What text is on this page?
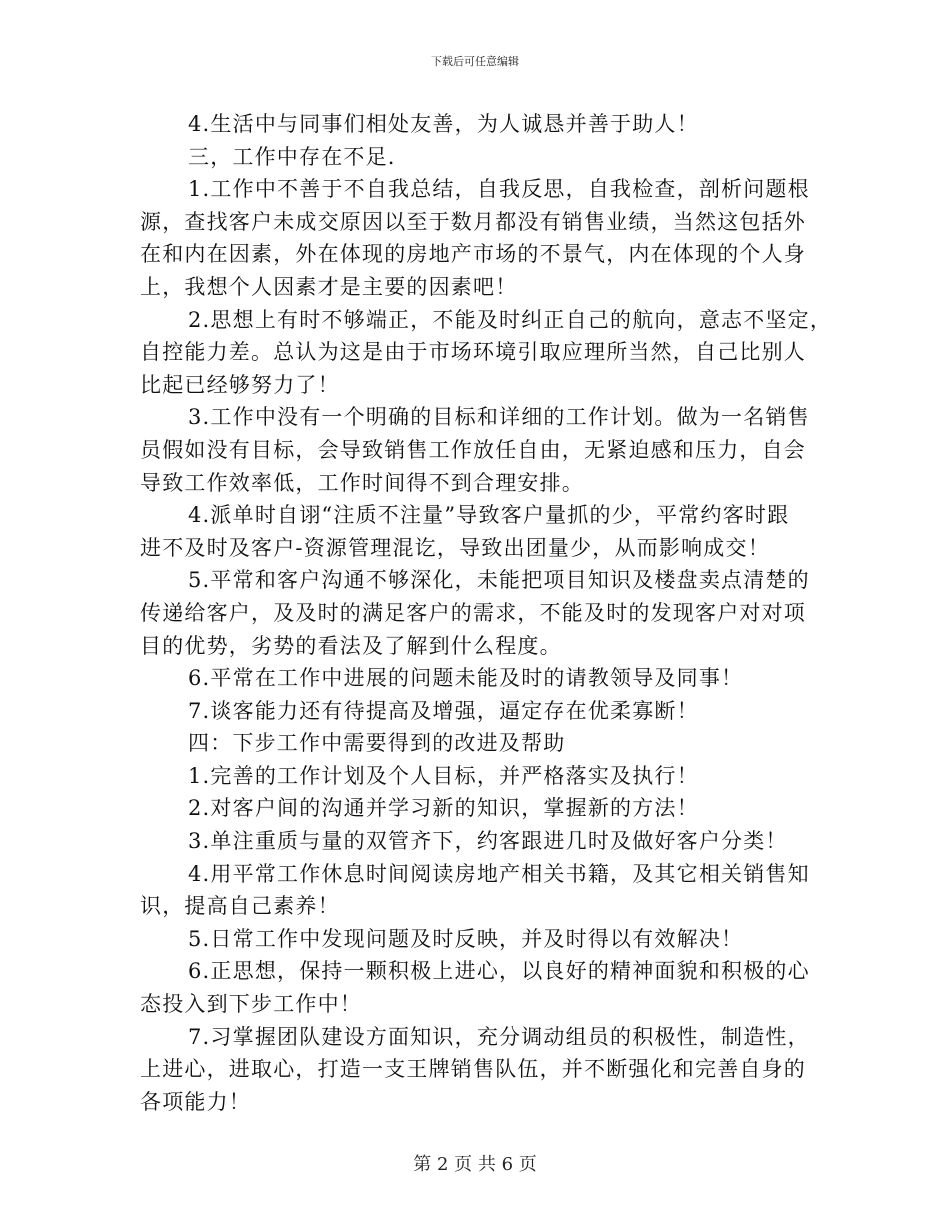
下载后可任意编辑
4.生活中与同事们相处友善，为人诚恳并善于助人！
三，工作中存在不足.
1.工作中不善于不自我总结，自我反思，自我检查，剖析问题根
源，查找客户未成交原因以至于数月都没有销售业绩，当然这包括外
在和内在因素，外在体现的房地产市场的不景气，内在体现的个人身
上，我想个人因素才是主要的因素吧！
2.思想上有时不够端正，不能及时纠正自己的航向，意志不坚定，
自控能力差。总认为这是由于市场环境引取应理所当然，自己比别人
比起已经够努力了！
3.工作中没有一个明确的目标和详细的工作计划。做为一名销售
员假如没有目标，会导致销售工作放任自由，无紧迫感和压力，自会
导致工作效率低，工作时间得不到合理安排。
4.派单时自诩“注质不注量”导致客户量抓的少，平常约客时跟
进不及时及客户-资源管理混讫，导致出团量少，从而影响成交！
5.平常和客户沟通不够深化，未能把项目知识及楼盘卖点清楚的
传递给客户，及及时的满足客户的需求，不能及时的发现客户对对项
目的优势，劣势的看法及了解到什么程度。
6.平常在工作中进展的问题未能及时的请教领导及同事！
7.谈客能力还有待提高及增强，逼定存在优柔寡断！
四：下步工作中需要得到的改进及帮助
1.完善的工作计划及个人目标，并严格落实及执行！
2.对客户间的沟通并学习新的知识，掌握新的方法！
3.单注重质与量的双管齐下，约客跟进几时及做好客户分类！
4.用平常工作休息时间阅读房地产相关书籍，及其它相关销售知
识，提高自己素养！
5.日常工作中发现问题及时反映，并及时得以有效解决！
6.正思想，保持一颗积极上进心，以良好的精神面貌和积极的心
态投入到下步工作中！
7.习掌握团队建设方面知识，充分调动组员的积极性，制造性，
上进心，进取心，打造一支王牌销售队伍，并不断强化和完善自身的
各项能力！
第 2 页 共 6 页
